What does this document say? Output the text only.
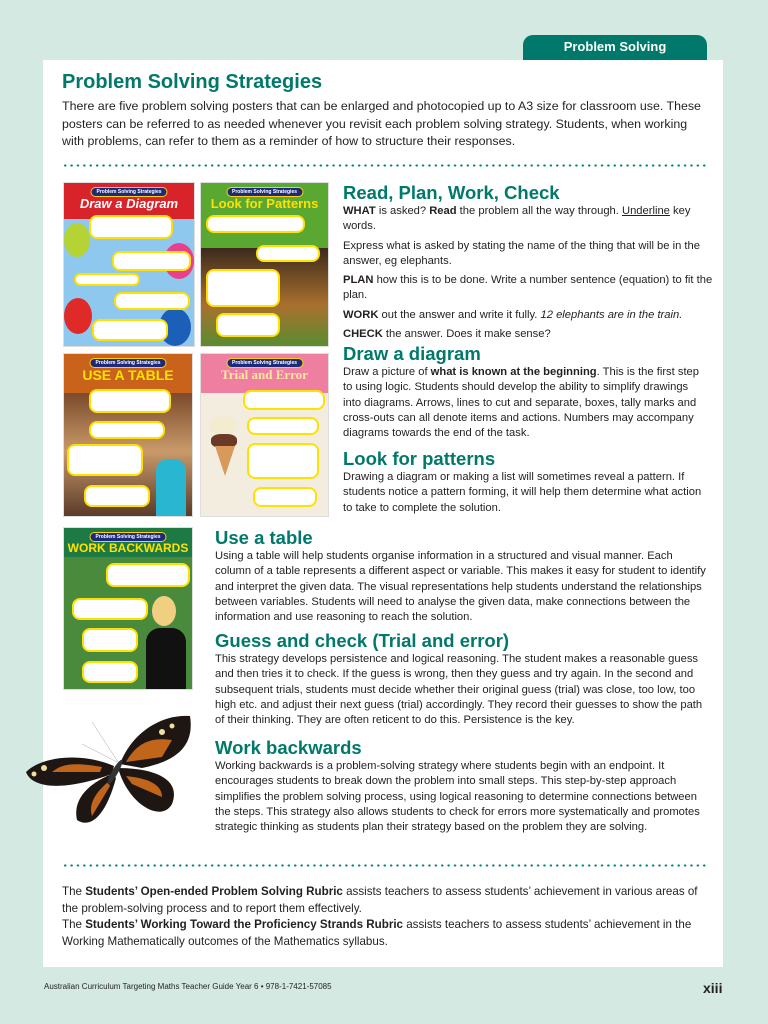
Problem Solving
Problem Solving Strategies
There are five problem solving posters that can be enlarged and photocopied up to A3 size for classroom use. These posters can be referred to as needed whenever you revisit each problem solving strategy. Students, when working with problems, can refer to them as a reminder of how to structure their responses.
Problem Solving Strategies
Draw a Diagram
Problem Solving Strategies
Look for Patterns
Problem Solving Strategies
USE A TABLE
Problem Solving Strategies
Trial and Error
Problem Solving Strategies
WORK BACKWARDS
Read, Plan, Work, Check

WHAT is asked? Read the problem all the way through. Underline key words.

Express what is asked by stating the name of the thing that will be in the answer, eg elephants.

PLAN how this is to be done. Write a number sentence (equation) to fit the plan.

WORK out the answer and write it fully. 12 elephants are in the train.

CHECK the answer. Does it make sense?

Draw a diagram

Draw a picture of what is known at the beginning. This is the first step to using logic. Students should develop the ability to simplify drawings into diagrams. Arrows, lines to cut and separate, boxes, tally marks and cross-outs can all denote items and actions. Numbers may accompany diagrams towards the end of the task.

Look for patterns

Drawing a diagram or making a list will sometimes reveal a pattern. If students notice a pattern forming, it will help them determine what action to take to complete the solution.

Use a table

Using a table will help students organise information in a structured and visual manner. Each column of a table represents a different aspect or variable. This makes it easy for student to identify and interpret the given data. The visual representations help students understand the relationships between variables. Students will need to analyse the given data, make connections between the information and use reasoning to reach the solution.

Guess and check (Trial and error)

This strategy develops persistence and logical reasoning. The student makes a reasonable guess and then tries it to check. If the guess is wrong, then they guess and try again. In the second and subsequent trials, students must decide whether their original guess (trial) was close, too low, too high etc. and adjust their next guess (trial) accordingly. They record their guesses to show the path of their thinking. They are often reticent to do this. Persistence is the key.

Work backwards

Working backwards is a problem-solving strategy where students begin with an endpoint. It encourages students to break down the problem into small steps. This step-by-step approach simplifies the problem solving process, using logical reasoning to determine connections between the steps. This strategy also allows students to check for errors more systematically and promotes strategic thinking as students plan their strategy based on the problem they are solving.

The Students’ Open-ended Problem Solving Rubric assists teachers to assess students’ achievement in various areas of the problem-solving process and to report them effectively.
The Students’ Working Toward the Proficiency Strands Rubric assists teachers to assess students’ achievement in the Working Mathematically outcomes of the Mathematics syllabus.
Australian Curriculum Targeting Maths Teacher Guide Year 6 • 978-1-7421-57085	xiii
